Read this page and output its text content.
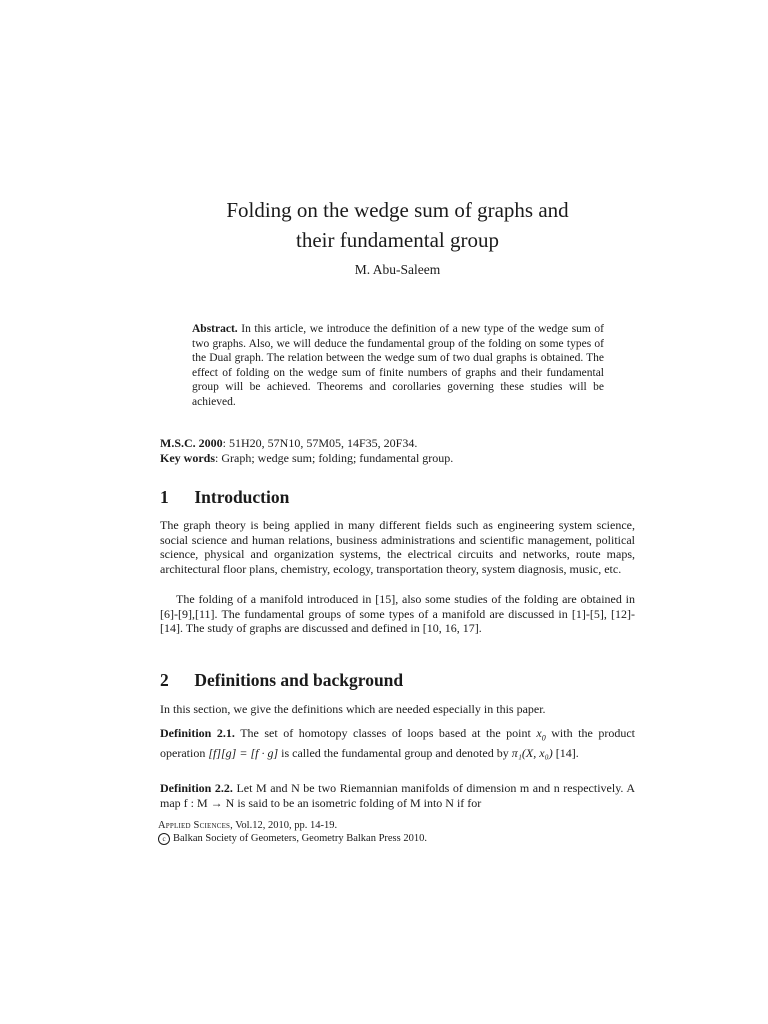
Folding on the wedge sum of graphs and
their fundamental group
M. Abu-Saleem
Abstract. In this article, we introduce the definition of a new type of the wedge sum of two graphs. Also, we will deduce the fundamental group of the folding on some types of the Dual graph. The relation between the wedge sum of two dual graphs is obtained. The effect of folding on the wedge sum of finite numbers of graphs and their fundamental group will be achieved. Theorems and corollaries governing these studies will be achieved.
M.S.C. 2000: 51H20, 57N10, 57M05, 14F35, 20F34.
Key words: Graph; wedge sum; folding; fundamental group.
1 Introduction
The graph theory is being applied in many different fields such as engineering system science, social science and human relations, business administrations and scientific management, political science, physical and organization systems, the electrical circuits and networks, route maps, architectural floor plans, chemistry, ecology, transportation theory, system diagnosis, music, etc.
The folding of a manifold introduced in [15], also some studies of the folding are obtained in [6]-[9],[11]. The fundamental groups of some types of a manifold are discussed in [1]-[5], [12]-[14]. The study of graphs are discussed and defined in [10, 16, 17].
2 Definitions and background
In this section, we give the definitions which are needed especially in this paper.
Definition 2.1. The set of homotopy classes of loops based at the point $x_0$ with the product operation [f][g] = [f · g] is called the fundamental group and denoted by π₁(X, x₀) [14].
Definition 2.2. Let M and N be two Riemannian manifolds of dimension m and n respectively. A map f : M → N is said to be an isometric folding of M into N if for
Applied Sciences, Vol.12, 2010, pp. 14-19.
c Balkan Society of Geometers, Geometry Balkan Press 2010.
